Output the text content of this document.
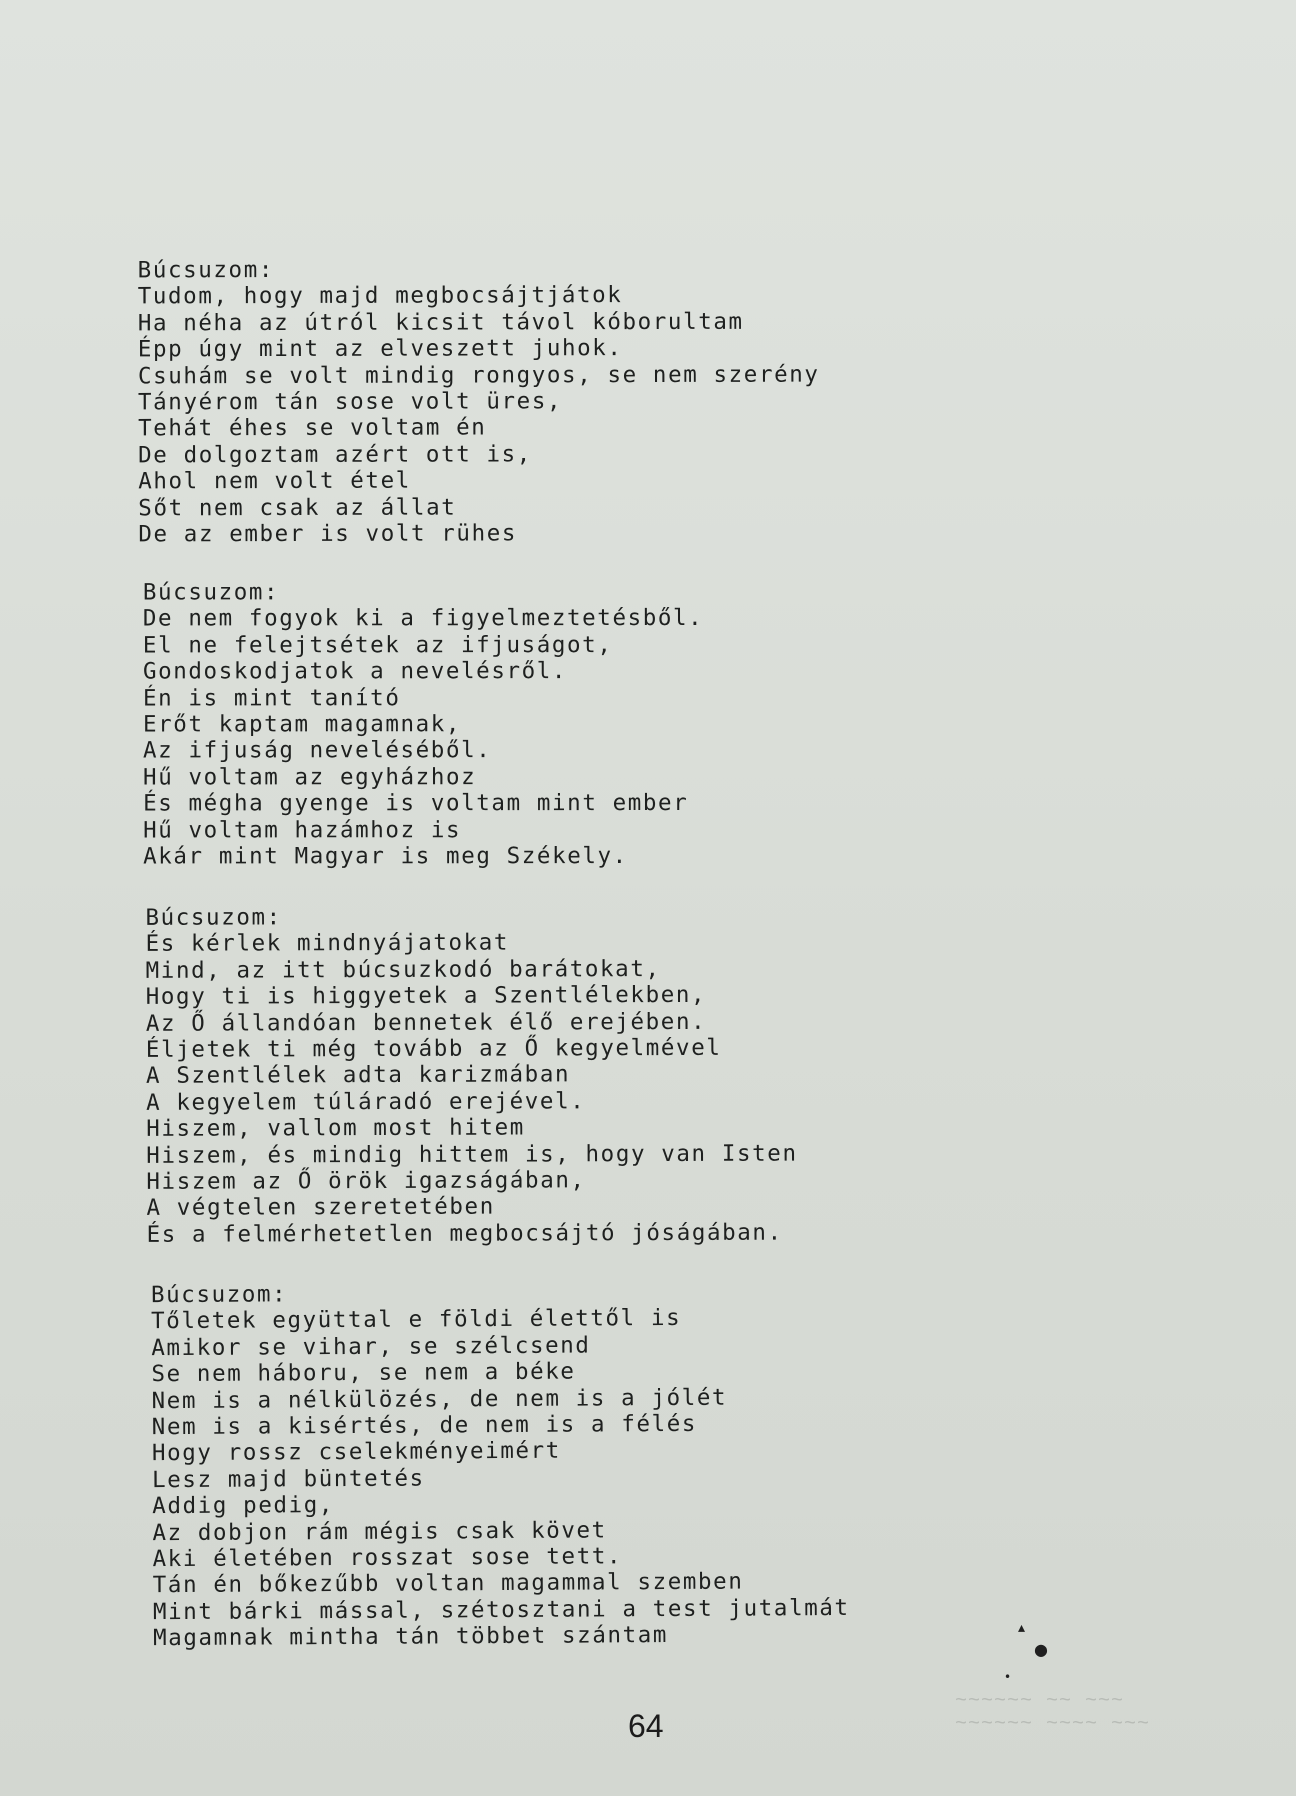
~~~~~~ ~~ ~~~
~~~~~~ ~~~~ ~~~
Búcsuzom:
Tudom, hogy majd megbocsájtjátok
Ha néha az útról kicsit távol kóborultam
Épp úgy mint az elveszett juhok.
Csuhám se volt mindig rongyos, se nem szerény
Tányérom tán sose volt üres,
Tehát éhes se voltam én
De dolgoztam azért ott is,
Ahol nem volt étel
Sőt nem csak az állat
De az ember is volt rühes
Búcsuzom:
De nem fogyok ki a figyelmeztetésből.
El ne felejtsétek az ifjuságot,
Gondoskodjatok a nevelésről.
Én is mint tanító
Erőt kaptam magamnak,
Az ifjuság neveléséből.
Hű voltam az egyházhoz
És mégha gyenge is voltam mint ember
Hű voltam hazámhoz is
Akár mint Magyar is meg Székely.
Búcsuzom:
És kérlek mindnyájatokat
Mind, az itt búcsuzkodó barátokat,
Hogy ti is higgyetek a Szentlélekben,
Az Ő állandóan bennetek élő erejében.
Éljetek ti még tovább az Ő kegyelmével
A Szentlélek adta karizmában
A kegyelem túláradó erejével.
Hiszem, vallom most hitem
Hiszem, és mindig hittem is, hogy van Isten
Hiszem az Ő örök igazságában,
A végtelen szeretetében
És a felmérhetetlen megbocsájtó jóságában.
Búcsuzom:
Tőletek együttal e földi élettől is
Amikor se vihar, se szélcsend
Se nem háboru, se nem a béke
Nem is a nélkülözés, de nem is a jólét
Nem is a kisértés, de nem is a félés
Hogy rossz cselekményeimért
Lesz majd büntetés
Addig pedig,
Az dobjon rám mégis csak követ
Aki életében rosszat sose tett.
Tán én bőkezűbb voltan magammal szemben
Mint bárki mással, szétosztani a test jutalmát
Magamnak mintha tán többet szántam	▴
●
•
64
